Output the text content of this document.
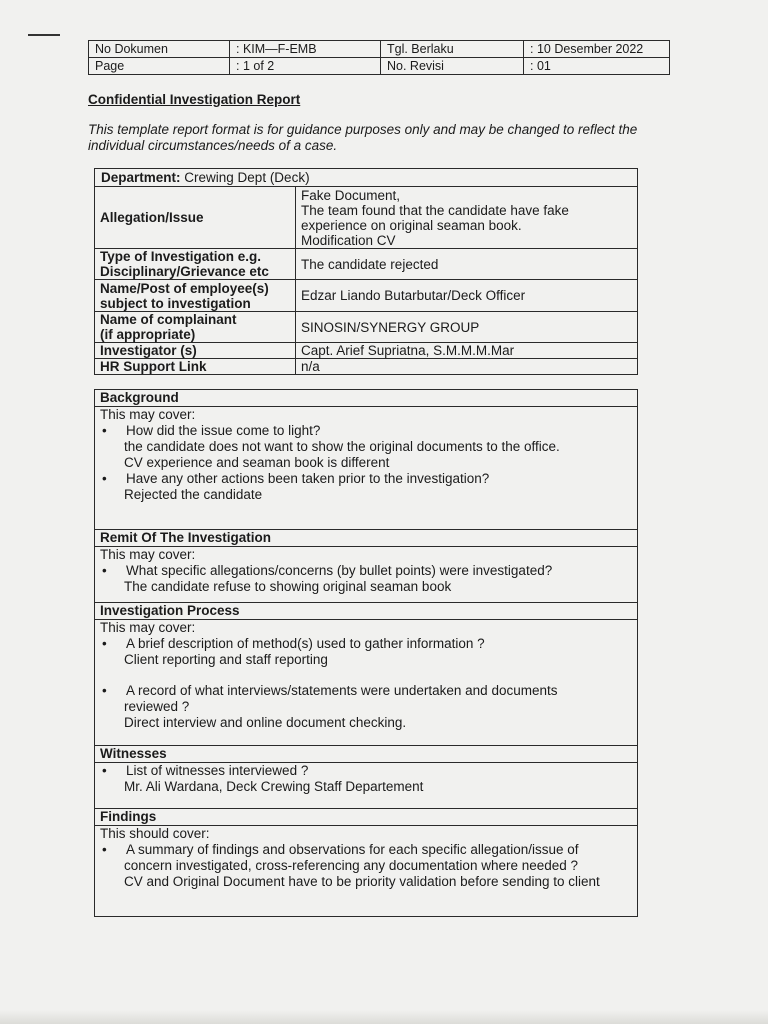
No Dokumen	: KIM—F-EMB	Tgl. Berlaku	: 10 Desember 2022
Page	: 1 of 2	No. Revisi	: 01
Confidential Investigation Report
This template report format is for guidance purposes only and may be changed to reflect the individual circumstances/needs of a case.
Department: Crewing Dept (Deck)	
Allegation/Issue	Fake Document,
The team found that the candidate have fake
experience on original seaman book.
Modification CV

Type of Investigation e.g.
Disciplinary/Grievance etc	The candidate rejected

Name/Post of employee(s)
subject to investigation	Edzar Liando Butarbutar/Deck Officer

Name of complainant
(if appropriate)	SINOSIN/SYNERGY GROUP
Investigator (s)	Capt. Arief Supriatna, S.M.M.M.Mar
HR Support Link	n/a
Background

This may cover:
•	How did the issue come to light?
the candidate does not want to show the original documents to the office.
CV experience and seaman book is different
•	Have any other actions been taken prior to the investigation?
Rejected the candidate

Remit Of The Investigation

This may cover:
•	What specific allegations/concerns (by bullet points) were investigated?
The candidate refuse to showing original seaman book

Investigation Process

This may cover:
•	A brief description of method(s) used to gather information ?
Client reporting and staff reporting
•	A record of what interviews/statements were undertaken and documents
reviewed ?
Direct interview and online document checking.

Witnesses

•	List of witnesses interviewed ?
Mr. Ali Wardana, Deck Crewing Staff Departement

Findings

This should cover:
•	A summary of findings and observations for each specific allegation/issue of
concern investigated, cross-referencing any documentation where needed ?
CV and Original Document have to be priority validation before sending to client
